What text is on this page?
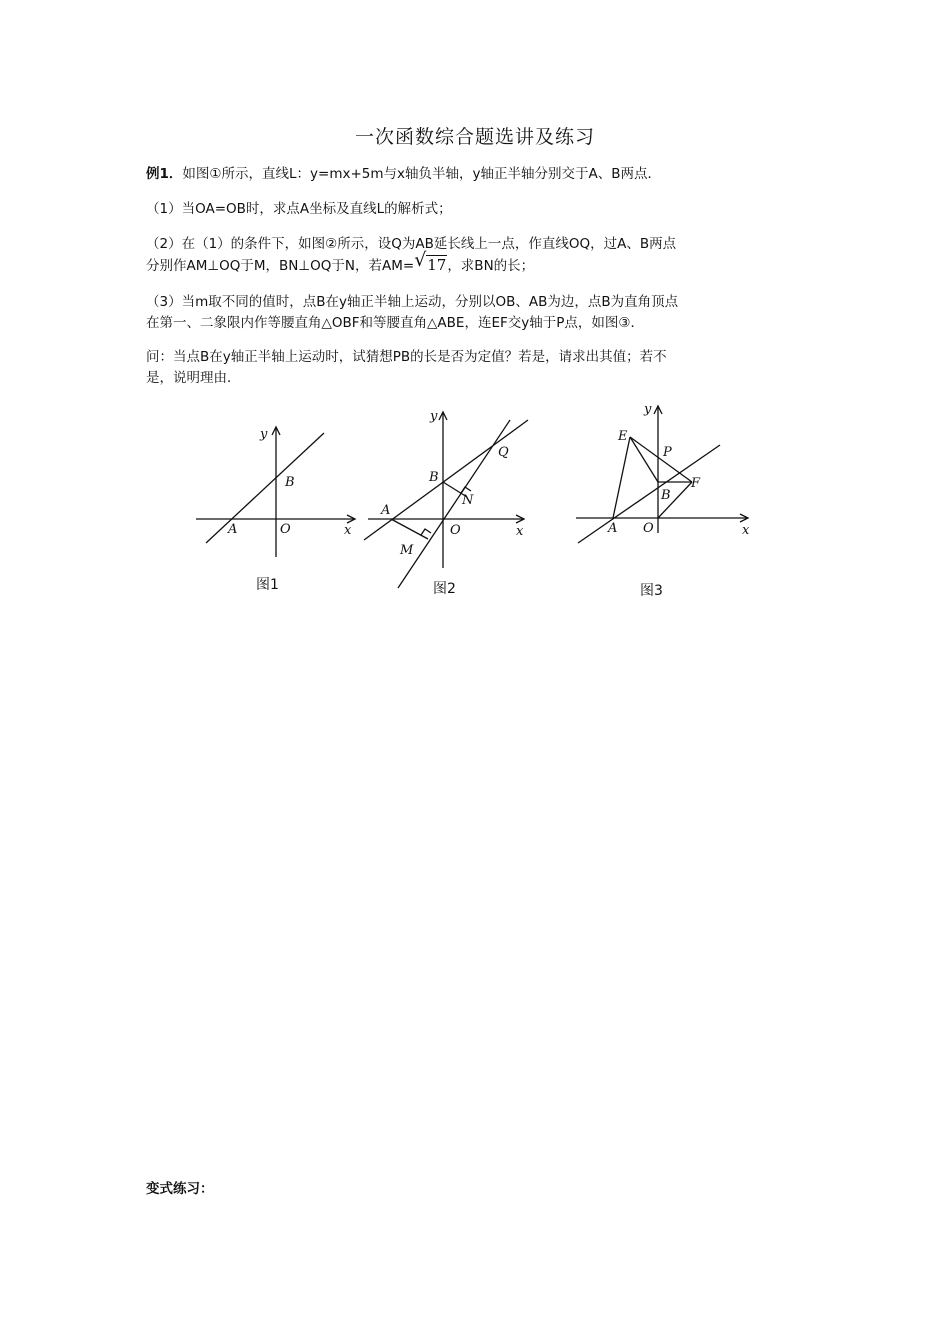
一次函数综合题选讲及练习
例1．如图①所示，直线L：y=mx+5m与x轴负半轴，y轴正半轴分别交于A、B两点．
（1）当OA=OB时，求点A坐标及直线L的解析式；
（2）在（1）的条件下，如图②所示，设Q为AB延长线上一点，作直线OQ，过A、B两点
分别作AM⊥OQ于M，BN⊥OQ于N，若AM= √ 17，求BN的长；
（3）当m取不同的值时，点B在y轴正半轴上运动，分别以OB、AB为边，点B为直角顶点
在第一、二象限内作等腰直角△OBF和等腰直角△ABE，连EF交y轴于P点，如图③．
问：当点B在y轴正半轴上运动时，试猜想PB的长是否为定值？若是，请求出其值；若不
是，说明理由．
y
x
B
A	O
图1
y
x
B
A
O
Q
N
M
图2
y
x
B
A O
E
P
F
图3
变式练习：
